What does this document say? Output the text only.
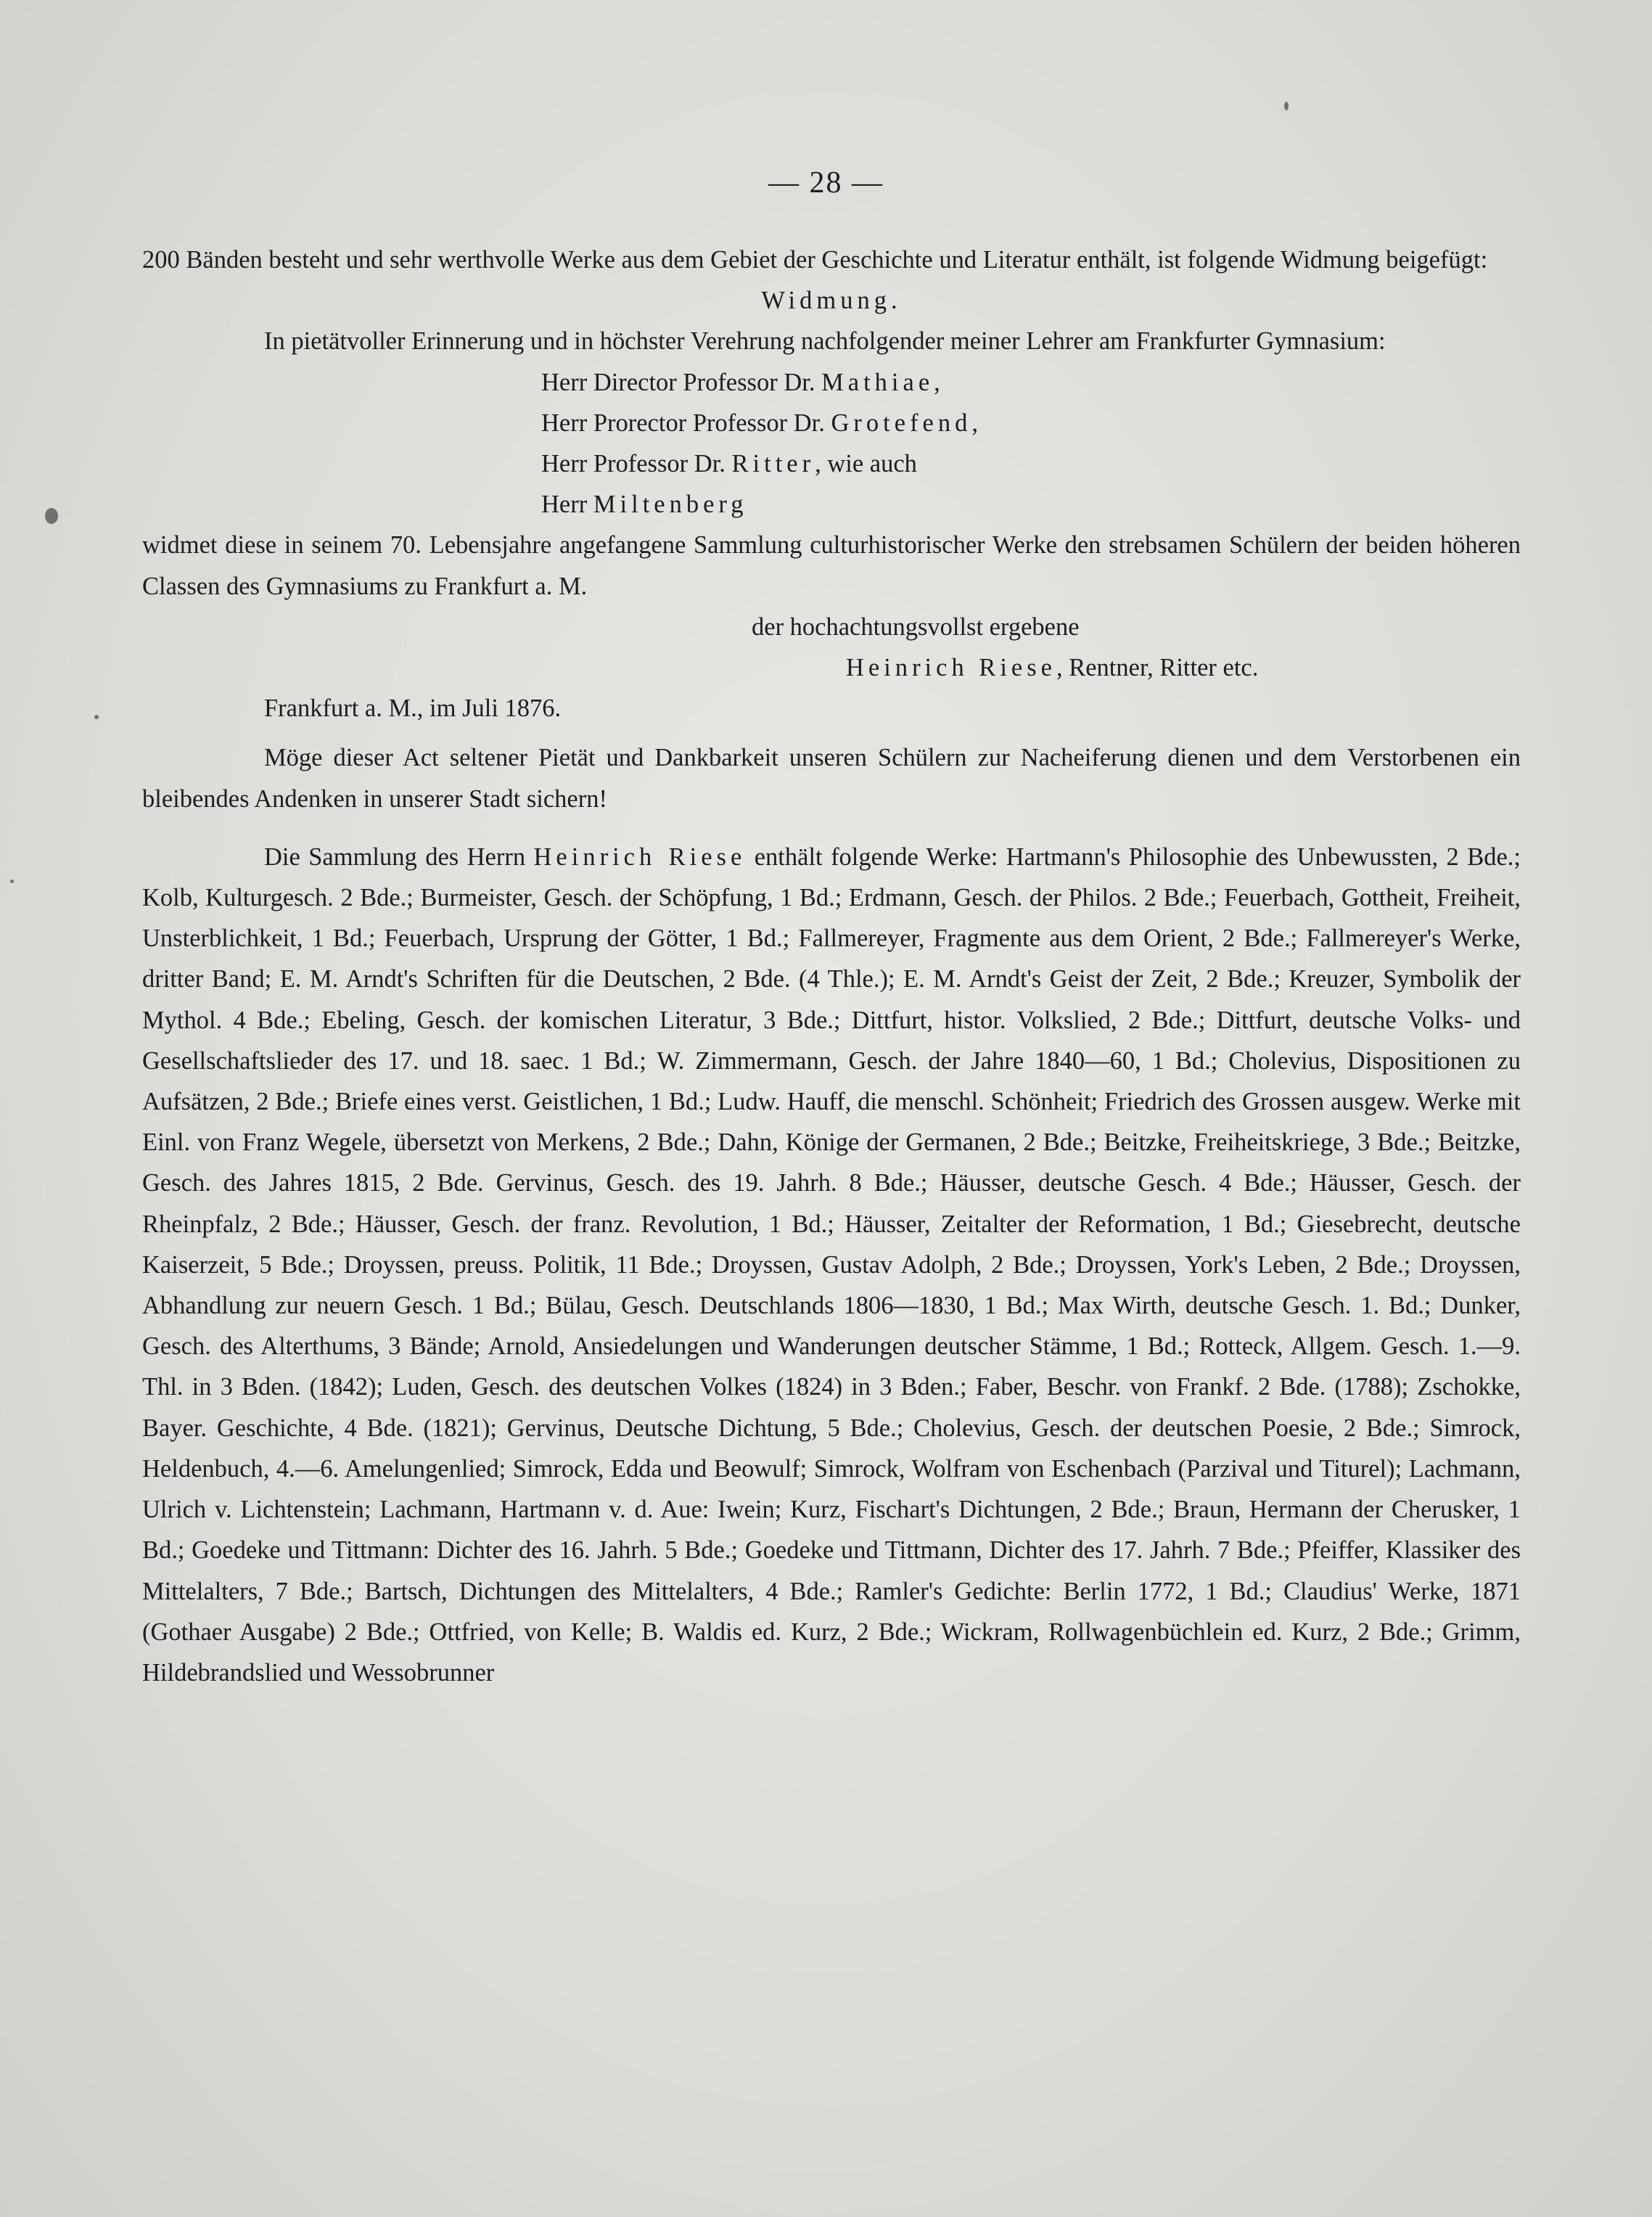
— 28 —

200 Bänden besteht und sehr werthvolle Werke aus dem Gebiet der Geschichte und Literatur enthält, ist folgende Widmung beigefügt:

Widmung.

In pietätvoller Erinnerung und in höchster Verehrung nachfolgender meiner Lehrer am Frankfurter Gymnasium:

Herr Director Professor Dr. Mathiae,

Herr Prorector Professor Dr. Grotefend,

Herr Professor Dr. Ritter, wie auch

Herr Miltenberg

widmet diese in seinem 70. Lebensjahre angefangene Sammlung culturhistorischer Werke den strebsamen Schülern der beiden höheren Classen des Gymnasiums zu Frankfurt a. M.

der hochachtungsvollst ergebene

Heinrich Riese, Rentner, Ritter etc.

Frankfurt a. M., im Juli 1876.

Möge dieser Act seltener Pietät und Dankbarkeit unseren Schülern zur Nacheiferung dienen und dem Verstorbenen ein bleibendes Andenken in unserer Stadt sichern!

Die Sammlung des Herrn Heinrich Riese enthält folgende Werke: Hartmann's Philosophie des Unbewussten, 2 Bde.; Kolb, Kulturgesch. 2 Bde.; Burmeister, Gesch. der Schöpfung, 1 Bd.; Erdmann, Gesch. der Philos. 2 Bde.; Feuerbach, Gottheit, Freiheit, Unsterblichkeit, 1 Bd.; Feuerbach, Ursprung der Götter, 1 Bd.; Fallmereyer, Fragmente aus dem Orient, 2 Bde.; Fallmereyer's Werke, dritter Band; E. M. Arndt's Schriften für die Deutschen, 2 Bde. (4 Thle.); E. M. Arndt's Geist der Zeit, 2 Bde.; Kreuzer, Symbolik der Mythol. 4 Bde.; Ebeling, Gesch. der komischen Literatur, 3 Bde.; Dittfurt, histor. Volkslied, 2 Bde.; Dittfurt, deutsche Volks- und Gesellschaftslieder des 17. und 18. saec. 1 Bd.; W. Zimmermann, Gesch. der Jahre 1840—60, 1 Bd.; Cholevius, Dispositionen zu Aufsätzen, 2 Bde.; Briefe eines verst. Geistlichen, 1 Bd.; Ludw. Hauff, die menschl. Schönheit; Friedrich des Grossen ausgew. Werke mit Einl. von Franz Wegele, übersetzt von Merkens, 2 Bde.; Dahn, Könige der Germanen, 2 Bde.; Beitzke, Freiheitskriege, 3 Bde.; Beitzke, Gesch. des Jahres 1815, 2 Bde. Gervinus, Gesch. des 19. Jahrh. 8 Bde.; Häusser, deutsche Gesch. 4 Bde.; Häusser, Gesch. der Rheinpfalz, 2 Bde.; Häusser, Gesch. der franz. Revolution, 1 Bd.; Häusser, Zeitalter der Reformation, 1 Bd.; Giesebrecht, deutsche Kaiserzeit, 5 Bde.; Droyssen, preuss. Politik, 11 Bde.; Droyssen, Gustav Adolph, 2 Bde.; Droyssen, York's Leben, 2 Bde.; Droyssen, Abhandlung zur neuern Gesch. 1 Bd.; Bülau, Gesch. Deutschlands 1806—1830, 1 Bd.; Max Wirth, deutsche Gesch. 1. Bd.; Dunker, Gesch. des Alterthums, 3 Bände; Arnold, Ansiedelungen und Wanderungen deutscher Stämme, 1 Bd.; Rotteck, Allgem. Gesch. 1.—9. Thl. in 3 Bden. (1842); Luden, Gesch. des deutschen Volkes (1824) in 3 Bden.; Faber, Beschr. von Frankf. 2 Bde. (1788); Zschokke, Bayer. Geschichte, 4 Bde. (1821); Gervinus, Deutsche Dichtung, 5 Bde.; Cholevius, Gesch. der deutschen Poesie, 2 Bde.; Simrock, Heldenbuch, 4.—6. Amelungenlied; Simrock, Edda und Beowulf; Simrock, Wolfram von Eschenbach (Parzival und Titurel); Lachmann, Ulrich v. Lichtenstein; Lachmann, Hartmann v. d. Aue: Iwein; Kurz, Fischart's Dichtungen, 2 Bde.; Braun, Hermann der Cherusker, 1 Bd.; Goedeke und Tittmann: Dichter des 16. Jahrh. 5 Bde.; Goedeke und Tittmann, Dichter des 17. Jahrh. 7 Bde.; Pfeiffer, Klassiker des Mittelalters, 7 Bde.; Bartsch, Dichtungen des Mittelalters, 4 Bde.; Ramler's Gedichte: Berlin 1772, 1 Bd.; Claudius' Werke, 1871 (Gothaer Ausgabe) 2 Bde.; Ottfried, von Kelle; B. Waldis ed. Kurz, 2 Bde.; Wickram, Rollwagenbüchlein ed. Kurz, 2 Bde.; Grimm, Hildebrandslied und Wessobrunner
